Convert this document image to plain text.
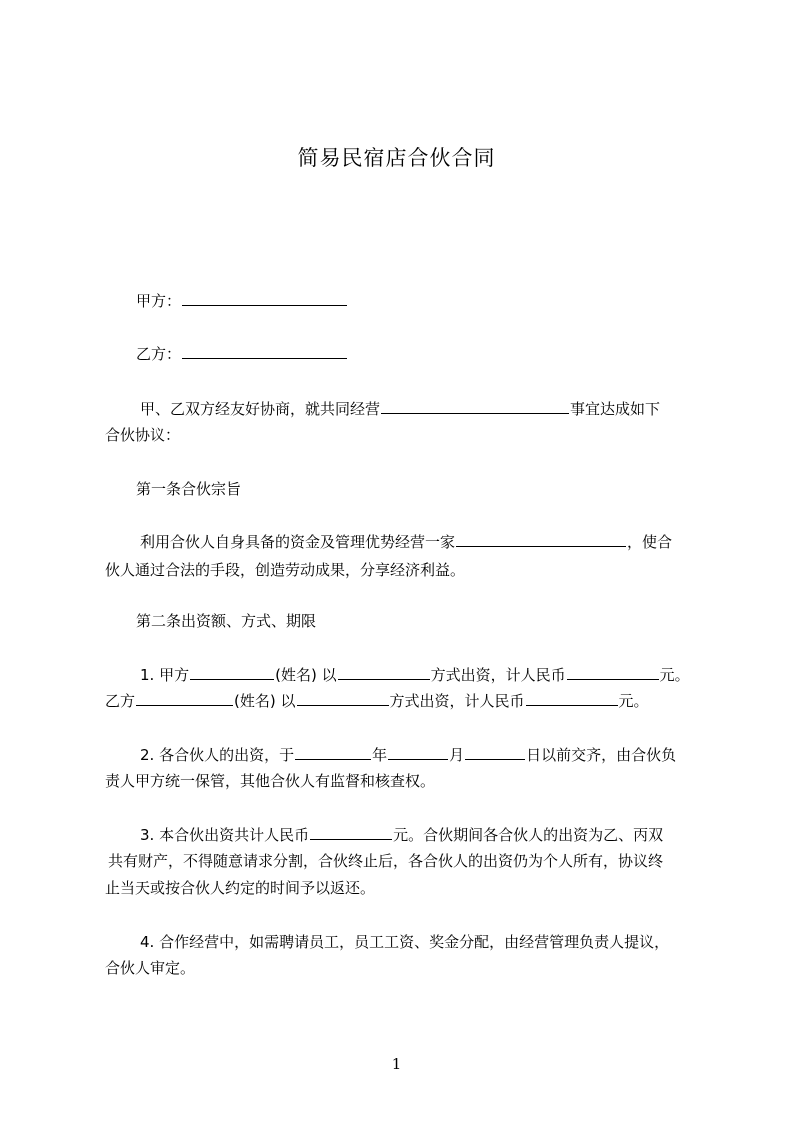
简易民宿店合伙合同
甲方：
乙方：
甲、乙双方经友好协商，就共同经营	事宜达成如下
合伙协议：
第一条合伙宗旨
利用合伙人自身具备的资金及管理优势经营一家	，使合
伙人通过合法的手段，创造劳动成果，分享经济利益。
第二条出资额、方式、期限
1. 甲方	(姓名) 以	方式出资，计人民币	元。
乙方	(姓名) 以	方式出资，计人民币	元。
2. 各合伙人的出资，于	年	月	日以前交齐，由合伙负
责人甲方统一保管，其他合伙人有监督和核查权。
3. 本合伙出资共计人民币	元。合伙期间各合伙人的出资为乙、丙双
共有财产，不得随意请求分割，合伙终止后，各合伙人的出资仍为个人所有，协议终
止当天或按合伙人约定的时间予以返还。
4. 合作经营中，如需聘请员工，员工工资、奖金分配，由经营管理负责人提议，
合伙人审定。
1
